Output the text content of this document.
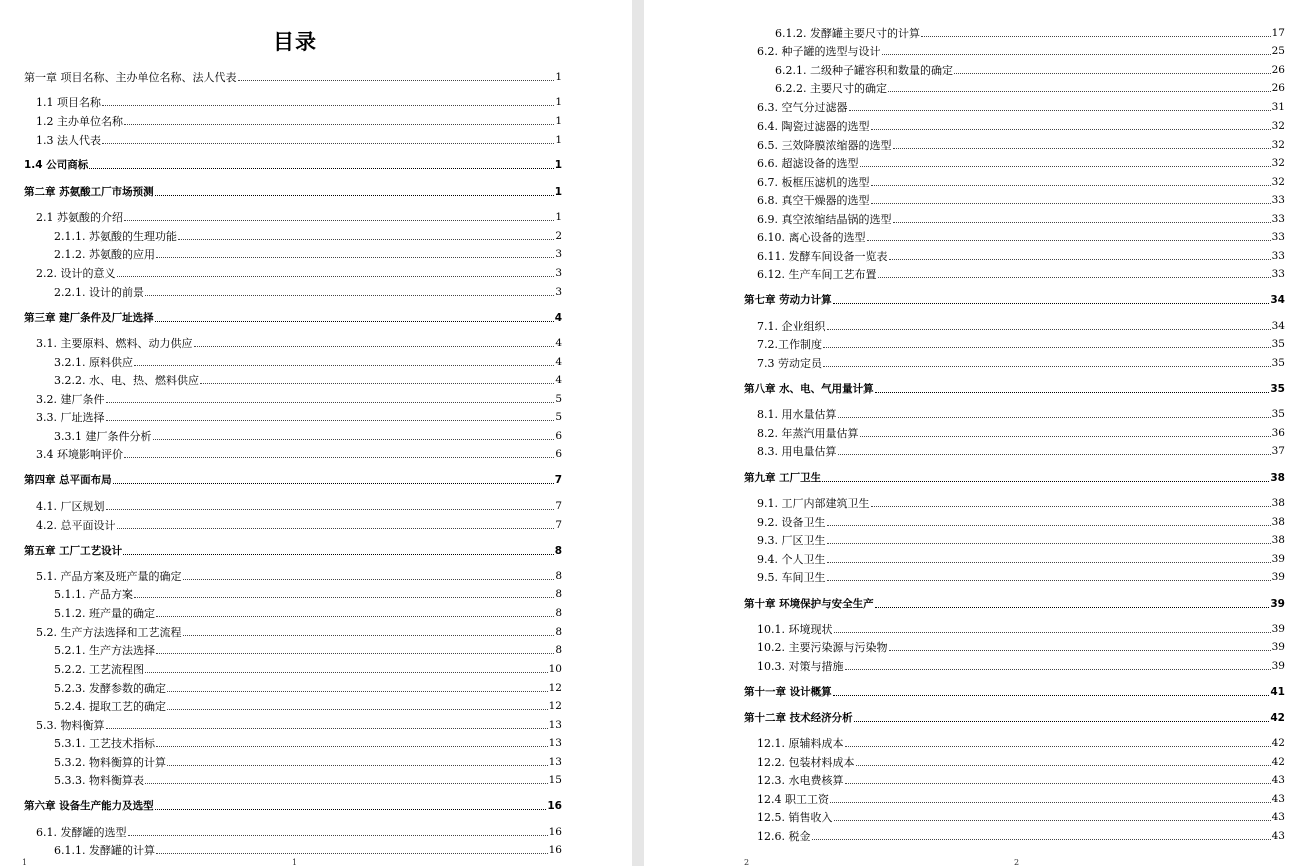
目录
第一章 项目名称、主办单位名称、法人代表	1
1.1 项目名称	1
1.2 主办单位名称	1
1.3 法人代表	1
1.4 公司商标	1
第二章 苏氨酸工厂市场预测	1
2.1 苏氨酸的介绍	1
2.1.1. 苏氨酸的生理功能	2
2.1.2. 苏氨酸的应用	3
2.2. 设计的意义	3
2.2.1. 设计的前景	3
第三章 建厂条件及厂址选择	4
3.1. 主要原料、燃料、动力供应	4
3.2.1. 原料供应	4
3.2.2. 水、电、热、燃料供应	4
3.2. 建厂条件	5
3.3. 厂址选择	5
3.3.1 建厂条件分析	6
3.4 环境影响评价	6
第四章 总平面布局	7
4.1. 厂区规划	7
4.2. 总平面设计	7
第五章 工厂工艺设计	8
5.1. 产品方案及班产量的确定	8
5.1.1. 产品方案	8
5.1.2. 班产量的确定	8
5.2. 生产方法选择和工艺流程	8
5.2.1. 生产方法选择	8
5.2.2. 工艺流程图	10
5.2.3. 发酵参数的确定	12
5.2.4. 提取工艺的确定	12
5.3. 物料衡算	13
5.3.1. 工艺技术指标	13
5.3.2. 物料衡算的计算	13
5.3.3. 物料衡算表	15
第六章 设备生产能力及选型	16
6.1. 发酵罐的选型	16
6.1.1. 发酵罐的计算	16
1	1
6.1.2. 发酵罐主要尺寸的计算	17
6.2. 种子罐的选型与设计	25
6.2.1. 二级种子罐容积和数量的确定	26
6.2.2. 主要尺寸的确定	26
6.3. 空气分过滤器	31
6.4. 陶瓷过滤器的选型	32
6.5. 三效降膜浓缩器的选型	32
6.6. 超滤设备的选型	32
6.7. 板框压滤机的选型	32
6.8. 真空干燥器的选型	33
6.9. 真空浓缩结晶锅的选型	33
6.10. 离心设备的选型	33
6.11. 发酵车间设备一览表	33
6.12. 生产车间工艺布置	33
第七章 劳动力计算	34
7.1. 企业组织	34
7.2.工作制度	35
7.3 劳动定员	35
第八章 水、电、气用量计算	35
8.1. 用水量估算	35
8.2. 年蒸汽用量估算	36
8.3. 用电量估算	37
第九章 工厂卫生	38
9.1. 工厂内部建筑卫生	38
9.2. 设备卫生	38
9.3. 厂区卫生	38
9.4. 个人卫生	39
9.5. 车间卫生	39
第十章 环境保护与安全生产	39
10.1. 环境现状	39
10.2. 主要污染源与污染物	39
10.3. 对策与措施	39
第十一章 设计概算	41
第十二章 技术经济分析	42
12.1. 原辅料成本	42
12.2. 包装材料成本	42
12.3. 水电费核算	43
12.4 职工工资	43
12.5. 销售收入	43
12.6. 税金	43
2	2
